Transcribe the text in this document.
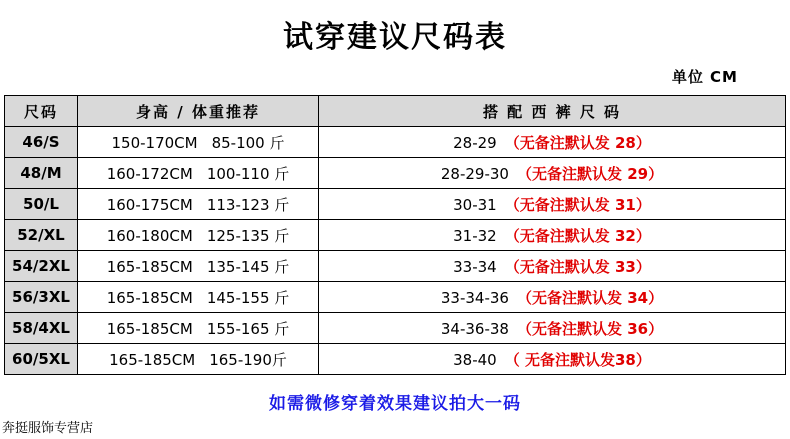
试穿建议尺码表
单位 CM
尺码	身高 / 体重推荐	搭 配 西 裤 尺 码
46/S	150-170CM 85-100 斤	28-29 （无备注默认发 28）
48/M	160-172CM 100-110 斤	28-29-30 （无备注默认发 29）
50/L	160-175CM 113-123 斤	30-31 （无备注默认发 31）
52/XL	160-180CM 125-135 斤	31-32 （无备注默认发 32）
54/2XL	165-185CM 135-145 斤	33-34 （无备注默认发 33）
56/3XL	165-185CM 145-155 斤	33-34-36 （无备注默认发 34）
58/4XL	165-185CM 155-165 斤	34-36-38 （无备注默认发 36）
60/5XL	165-185CM 165-190斤	38-40 （ 无备注默认发38）
如需微修穿着效果建议拍大一码
奔挺服饰专营店
